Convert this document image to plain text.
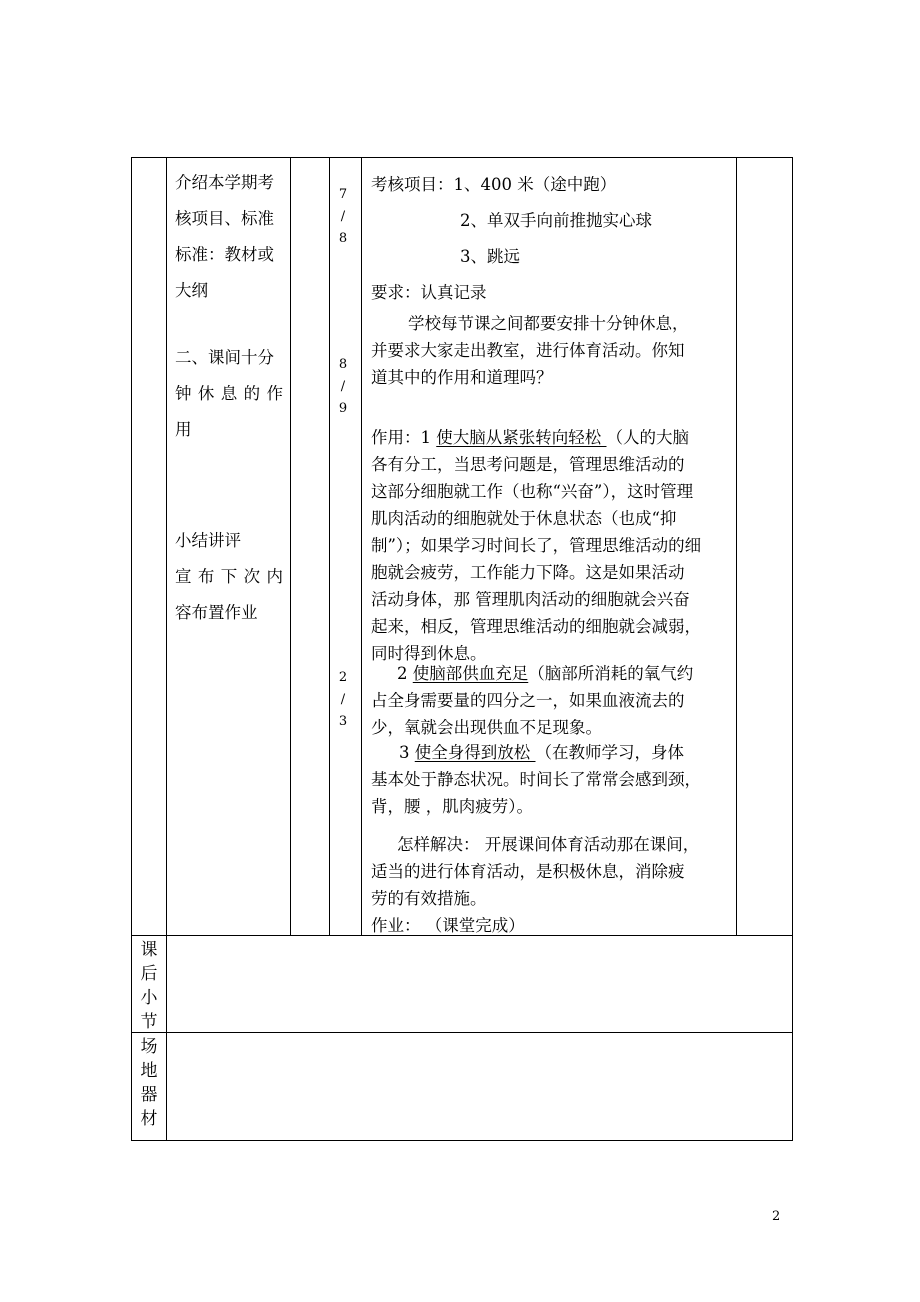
介绍本学期考
核项目、标准
标准：教材或
大纲
二、课间十分
钟 休 息 的 作
用
小结讲评
宣 布 下 次 内
容布置作业
7
/
8
8
/
9
2
/
3
考核项目：1、400 米（途中跑）
2、单双手向前推抛实心球
3、跳远
要求：认真记录
学校每节课之间都要安排十分钟休息，
并要求大家走出教室，进行体育活动。你知
道其中的作用和道理吗？
作用：1 使大脑从紧张转向轻松 （人的大脑
各有分工，当思考问题是，管理思维活动的
这部分细胞就工作（也称“兴奋”），这时管理
肌肉活动的细胞就处于休息状态（也成“抑
制”）；如果学习时间长了，管理思维活动的细
胞就会疲劳，工作能力下降。这是如果活动
活动身体，那 管理肌肉活动的细胞就会兴奋
起来，相反，管理思维活动的细胞就会减弱，
同时得到休息。
2 使脑部供血充足（脑部所消耗的氧气约
占全身需要量的四分之一，如果血液流去的
少，氧就会出现供血不足现象。
3 使全身得到放松 （在教师学习，身体
基本处于静态状况。时间长了常常会感到颈，
背，腰 ，肌肉疲劳）。
怎样解决： 开展课间体育活动那在课间，
适当的进行体育活动，是积极休息，消除疲
劳的有效措施。
作业： （课堂完成）
课
后
小
节
场
地
器
材
2
